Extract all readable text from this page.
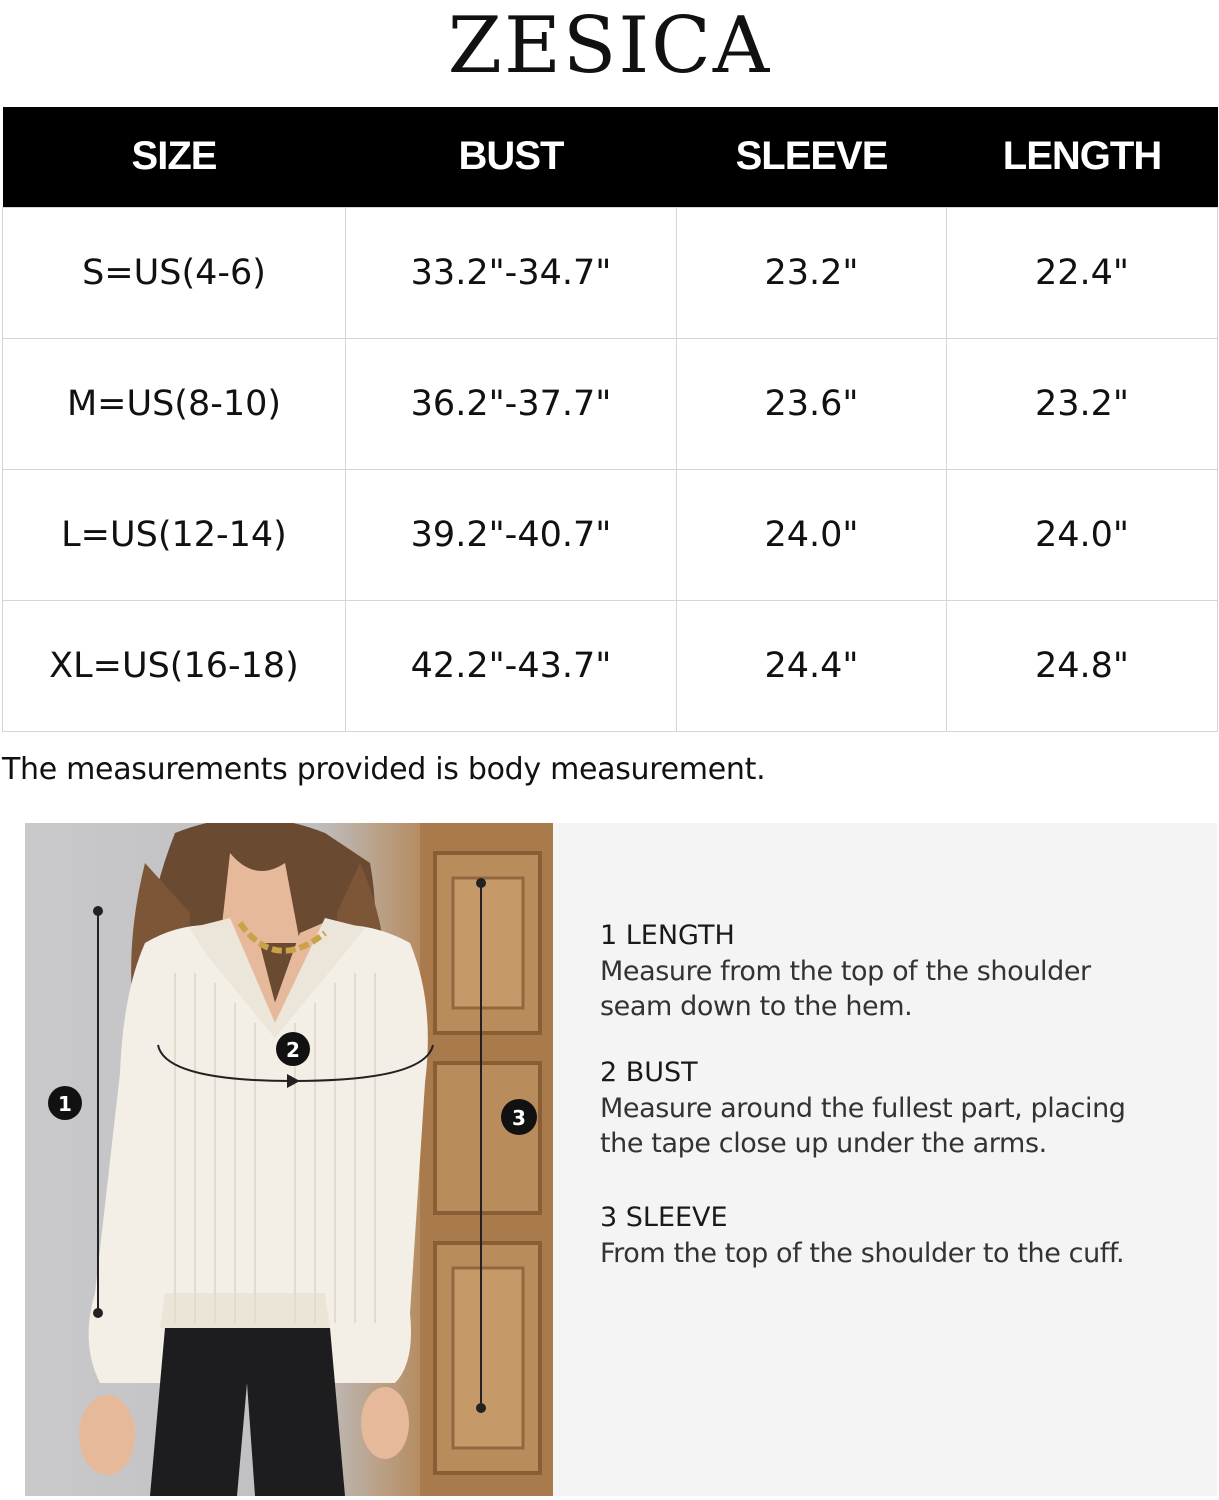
ZESICA
SIZE	BUST	SLEEVE	LENGTH
S=US(4-6)	33.2"-34.7"	23.2"	22.4"
M=US(8-10)	36.2"-37.7"	23.6"	23.2"
L=US(12-14)	39.2"-40.7"	24.0"	24.0"
XL=US(16-18)	42.2"-43.7"	24.4"	24.8"
The measurements provided is body measurement.
1
2
3
1 LENGTH
Measure from the top of the shoulder
seam down to the hem.
2 BUST
Measure around the fullest part, placing
the tape close up under the arms.
3 SLEEVE
From the top of the shoulder to the cuff.
